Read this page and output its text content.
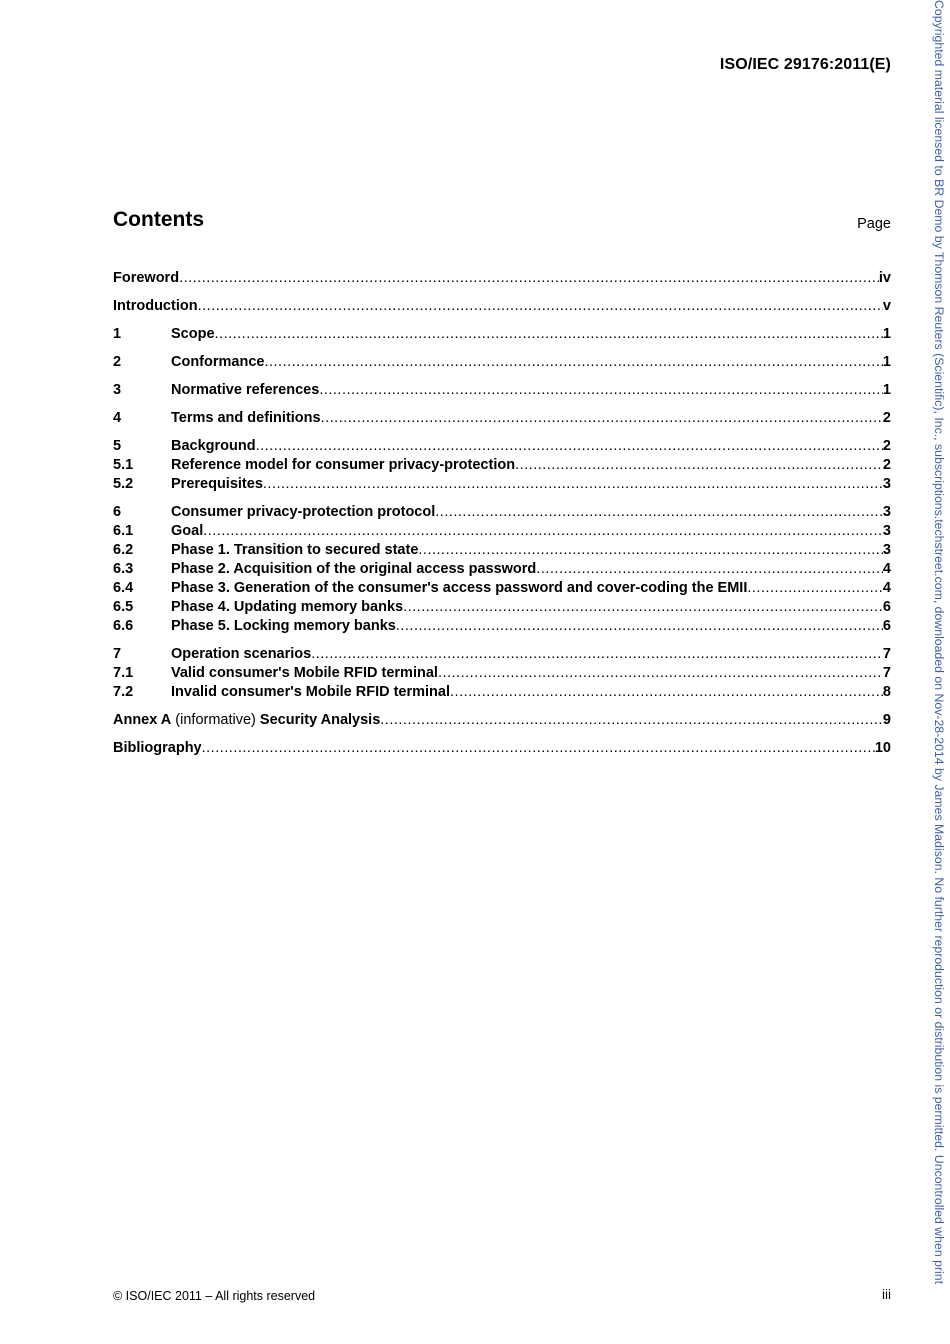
ISO/IEC 29176:2011(E)
Contents	Page
Foreword .....	iv
Introduction .....	v
1	Scope .....	1
2	Conformance .....	1
3	Normative references .....	1
4	Terms and definitions .....	2
5	Background .....	2
5.1	Reference model for consumer privacy-protection .....	2
5.2	Prerequisites .....	3
6	Consumer privacy-protection protocol .....	3
6.1	Goal .....	3
6.2	Phase 1. Transition to secured state .....	3
6.3	Phase 2. Acquisition of the original access password .....	4
6.4	Phase 3. Generation of the consumer's access password and cover-coding the EMII .....	4
6.5	Phase 4. Updating memory banks .....	6
6.6	Phase 5. Locking memory banks .....	6
7	Operation scenarios .....	7
7.1	Valid consumer's Mobile RFID terminal .....	7
7.2	Invalid consumer's Mobile RFID terminal .....	8
Annex A (informative) Security Analysis .....	9
Bibliography .....	10
© ISO/IEC 2011 – All rights reserved	iii
Copyrighted material licensed to BR Demo by Thomson Reuters (Scientific), Inc., subscriptions.techstreet.com, downloaded on Nov-28-2014 by James Madison. No further reproduction or distribution is permitted. Uncontrolled when print
